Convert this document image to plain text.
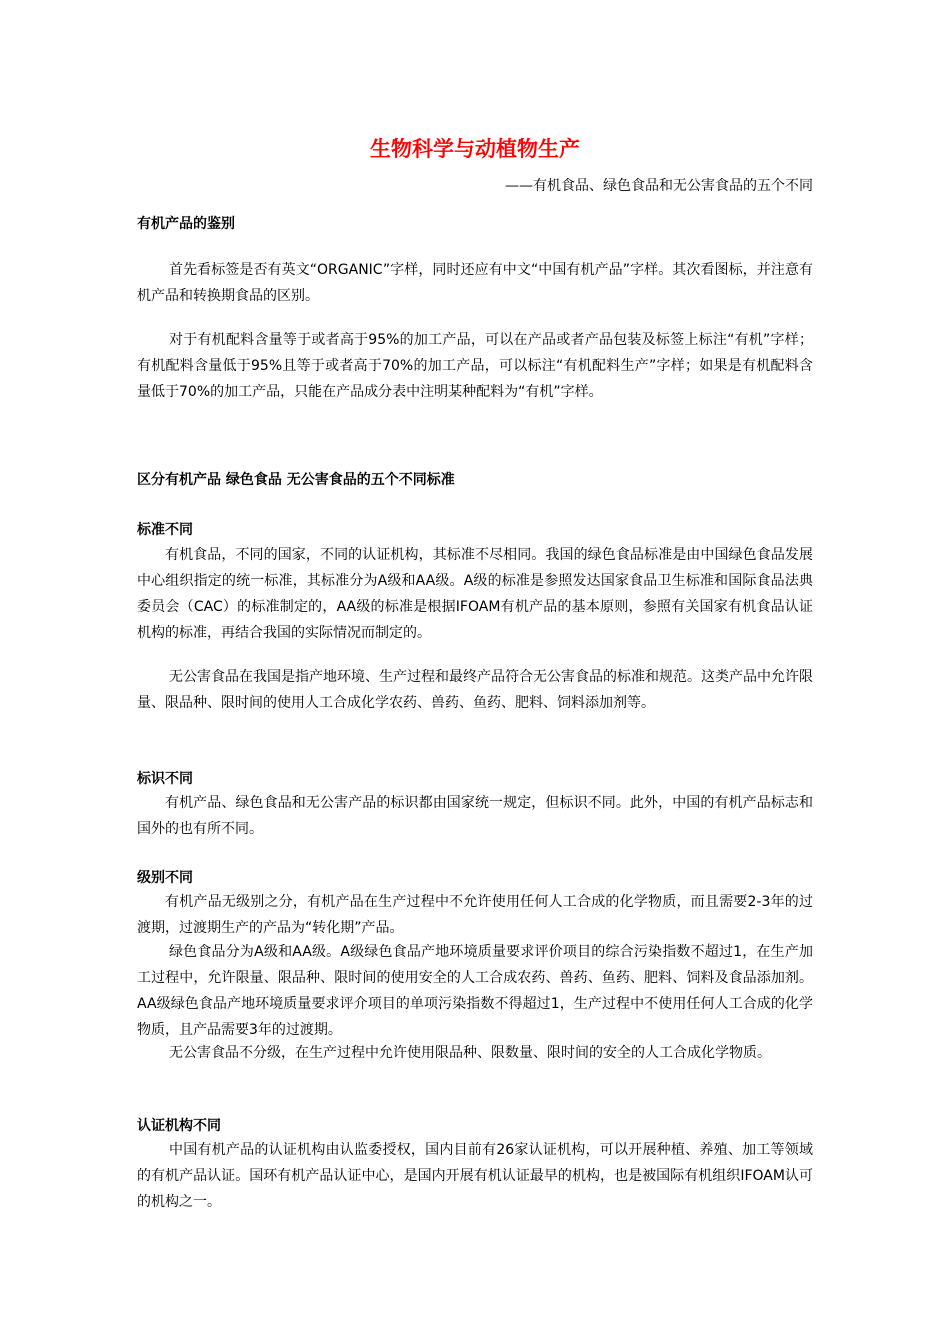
生物科学与动植物生产

——有机食品、绿色食品和无公害食品的五个不同

有机产品的鉴别

首先看标签是否有英文“ORGANIC”字样，同时还应有中文“中国有机产品”字样。其次看图标，并注意有机产品和转换期食品的区别。

对于有机配料含量等于或者高于95%的加工产品，可以在产品或者产品包装及标签上标注“有机”字样；有机配料含量低于95%且等于或者高于70%的加工产品，可以标注“有机配料生产”字样；如果是有机配料含量低于70%的加工产品，只能在产品成分表中注明某种配料为“有机”字样。

区分有机产品 绿色食品 无公害食品的五个不同标准
标准不同

有机食品，不同的国家，不同的认证机构，其标准不尽相同。我国的绿色食品标准是由中国绿色食品发展中心组织指定的统一标准，其标准分为A级和AA级。A级的标准是参照发达国家食品卫生标准和国际食品法典委员会（CAC）的标准制定的，AA级的标准是根据IFOAM有机产品的基本原则，参照有关国家有机食品认证机构的标准，再结合我国的实际情况而制定的。

无公害食品在我国是指产地环境、生产过程和最终产品符合无公害食品的标准和规范。这类产品中允许限量、限品种、限时间的使用人工合成化学农药、兽药、鱼药、肥料、饲料添加剂等。

标识不同

有机产品、绿色食品和无公害产品的标识都由国家统一规定，但标识不同。此外，中国的有机产品标志和国外的也有所不同。

级别不同

有机产品无级别之分，有机产品在生产过程中不允许使用任何人工合成的化学物质，而且需要2-3年的过渡期，过渡期生产的产品为“转化期”产品。

绿色食品分为A级和AA级。A级绿色食品产地环境质量要求评价项目的综合污染指数不超过1，在生产加工过程中，允许限量、限品种、限时间的使用安全的人工合成农药、兽药、鱼药、肥料、饲料及食品添加剂。AA级绿色食品产地环境质量要求评介项目的单项污染指数不得超过1，生产过程中不使用任何人工合成的化学物质，且产品需要3年的过渡期。

无公害食品不分级，在生产过程中允许使用限品种、限数量、限时间的安全的人工合成化学物质。

认证机构不同

中国有机产品的认证机构由认监委授权，国内目前有26家认证机构，可以开展种植、养殖、加工等领域的有机产品认证。国环有机产品认证中心，是国内开展有机认证最早的机构，也是被国际有机组织IFOAM认可的机构之一。
